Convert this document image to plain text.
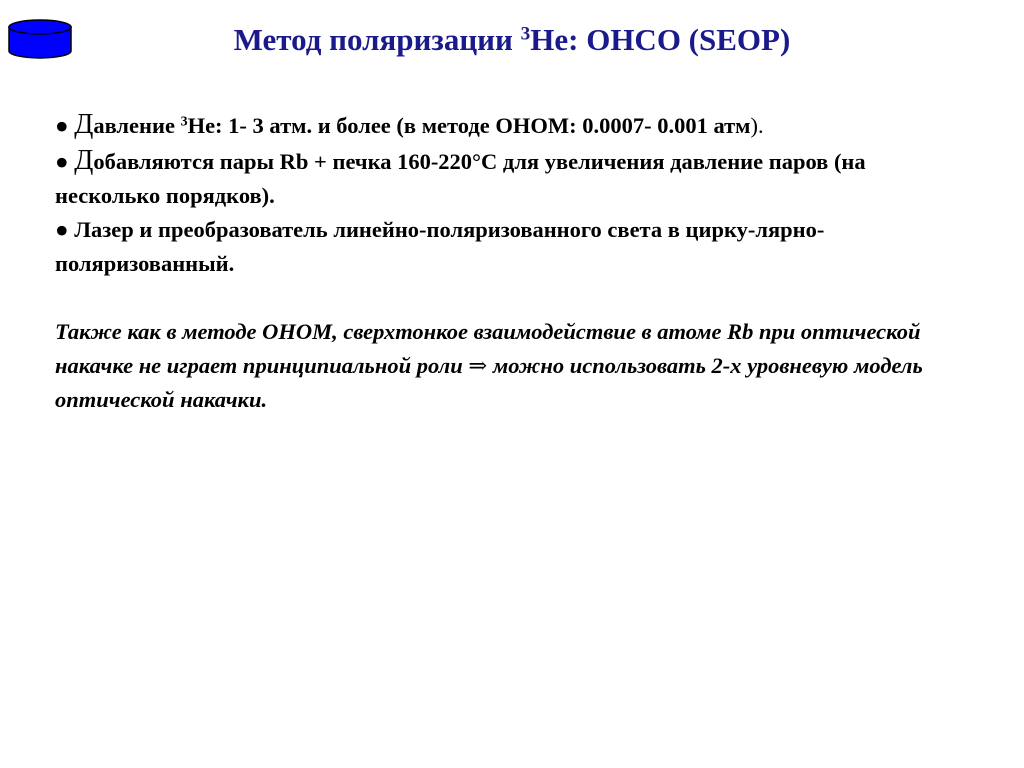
Метод поляризации $^3$He: ОНСО (SEOP)

● Давление $^3$He: 1- 3 атм. и более (в методе ОНОМ: 0.0007- 0.001 атм).

● Добавляются пары Rb + печка 160-220°С для увеличения давление паров (на несколько порядков).

● Лазер и преобразователь линейно-поляризованного света в цирку-лярно-поляризованный.

Также как в методе ОНОМ, сверхтонкое взаимодействие в атоме Rb при оптической накачке не играет принципиальной роли ⇒ можно использовать 2-х уровневую модель оптической накачки.
